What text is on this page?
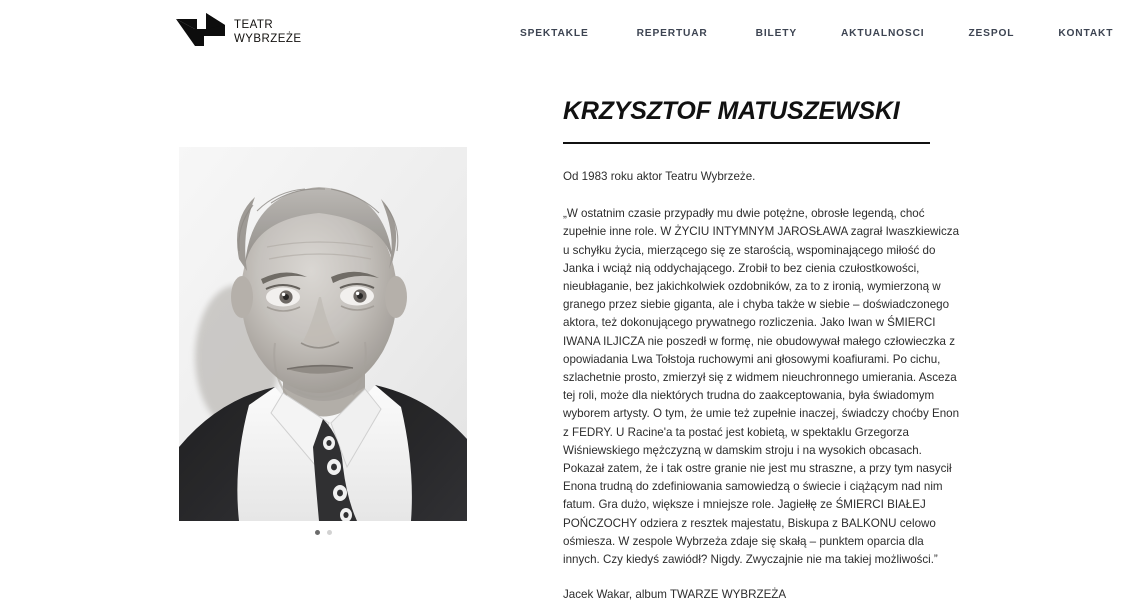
TEATR
WYBRZEŻE	SPEKTAKLE	REPERTUAR	BILETY	AKTUALNOSCI	ZESPOL	KONTAKT
KRZYSZTOF MATUSZEWSKI

Od 1983 roku aktor Teatru Wybrzeże.

„W ostatnim czasie przypadły mu dwie potężne, obrosłe legendą, choć zupełnie inne role. W ŻYCIU INTYMNYM JAROSŁAWA zagrał Iwaszkiewicza u schyłku życia, mierzącego się ze starością, wspominającego miłość do Janka i wciąż nią oddychającego. Zrobił to bez cienia czułostkowości, nieubłaganie, bez jakichkolwiek ozdobników, za to z ironią, wymierzoną w granego przez siebie giganta, ale i chyba także w siebie – doświadczonego aktora, też dokonującego prywatnego rozliczenia. Jako Iwan w ŚMIERCI IWANA ILJICZA nie poszedł w formę, nie obudowywał małego człowieczka z opowiadania Lwa Tołstoja ruchowymi ani głosowymi koafiurami. Po cichu, szlachetnie prosto, zmierzył się z widmem nieuchronnego umierania. Asceza tej roli, może dla niektórych trudna do zaakceptowania, była świadomym wyborem artysty. O tym, że umie też zupełnie inaczej, świadczy choćby Enon z FEDRY. U Racine'a ta postać jest kobietą, w spektaklu Grzegorza Wiśniewskiego mężczyzną w damskim stroju i na wysokich obcasach. Pokazał zatem, że i tak ostre granie nie jest mu straszne, a przy tym nasycił Enona trudną do zdefiniowania samowiedzą o świecie i ciążącym nad nim fatum. Gra dużo, większe i mniejsze role. Jagiełłę ze ŚMIERCI BIAŁEJ POŃCZOCHY odziera z resztek majestatu, Biskupa z BALKONU celowo ośmiesza. W zespole Wybrzeża zdaje się skałą – punktem oparcia dla innych. Czy kiedyś zawiódł? Nigdy. Zwyczajnie nie ma takiej możliwości.”

Jacek Wakar, album TWARZE WYBRZEŻA
